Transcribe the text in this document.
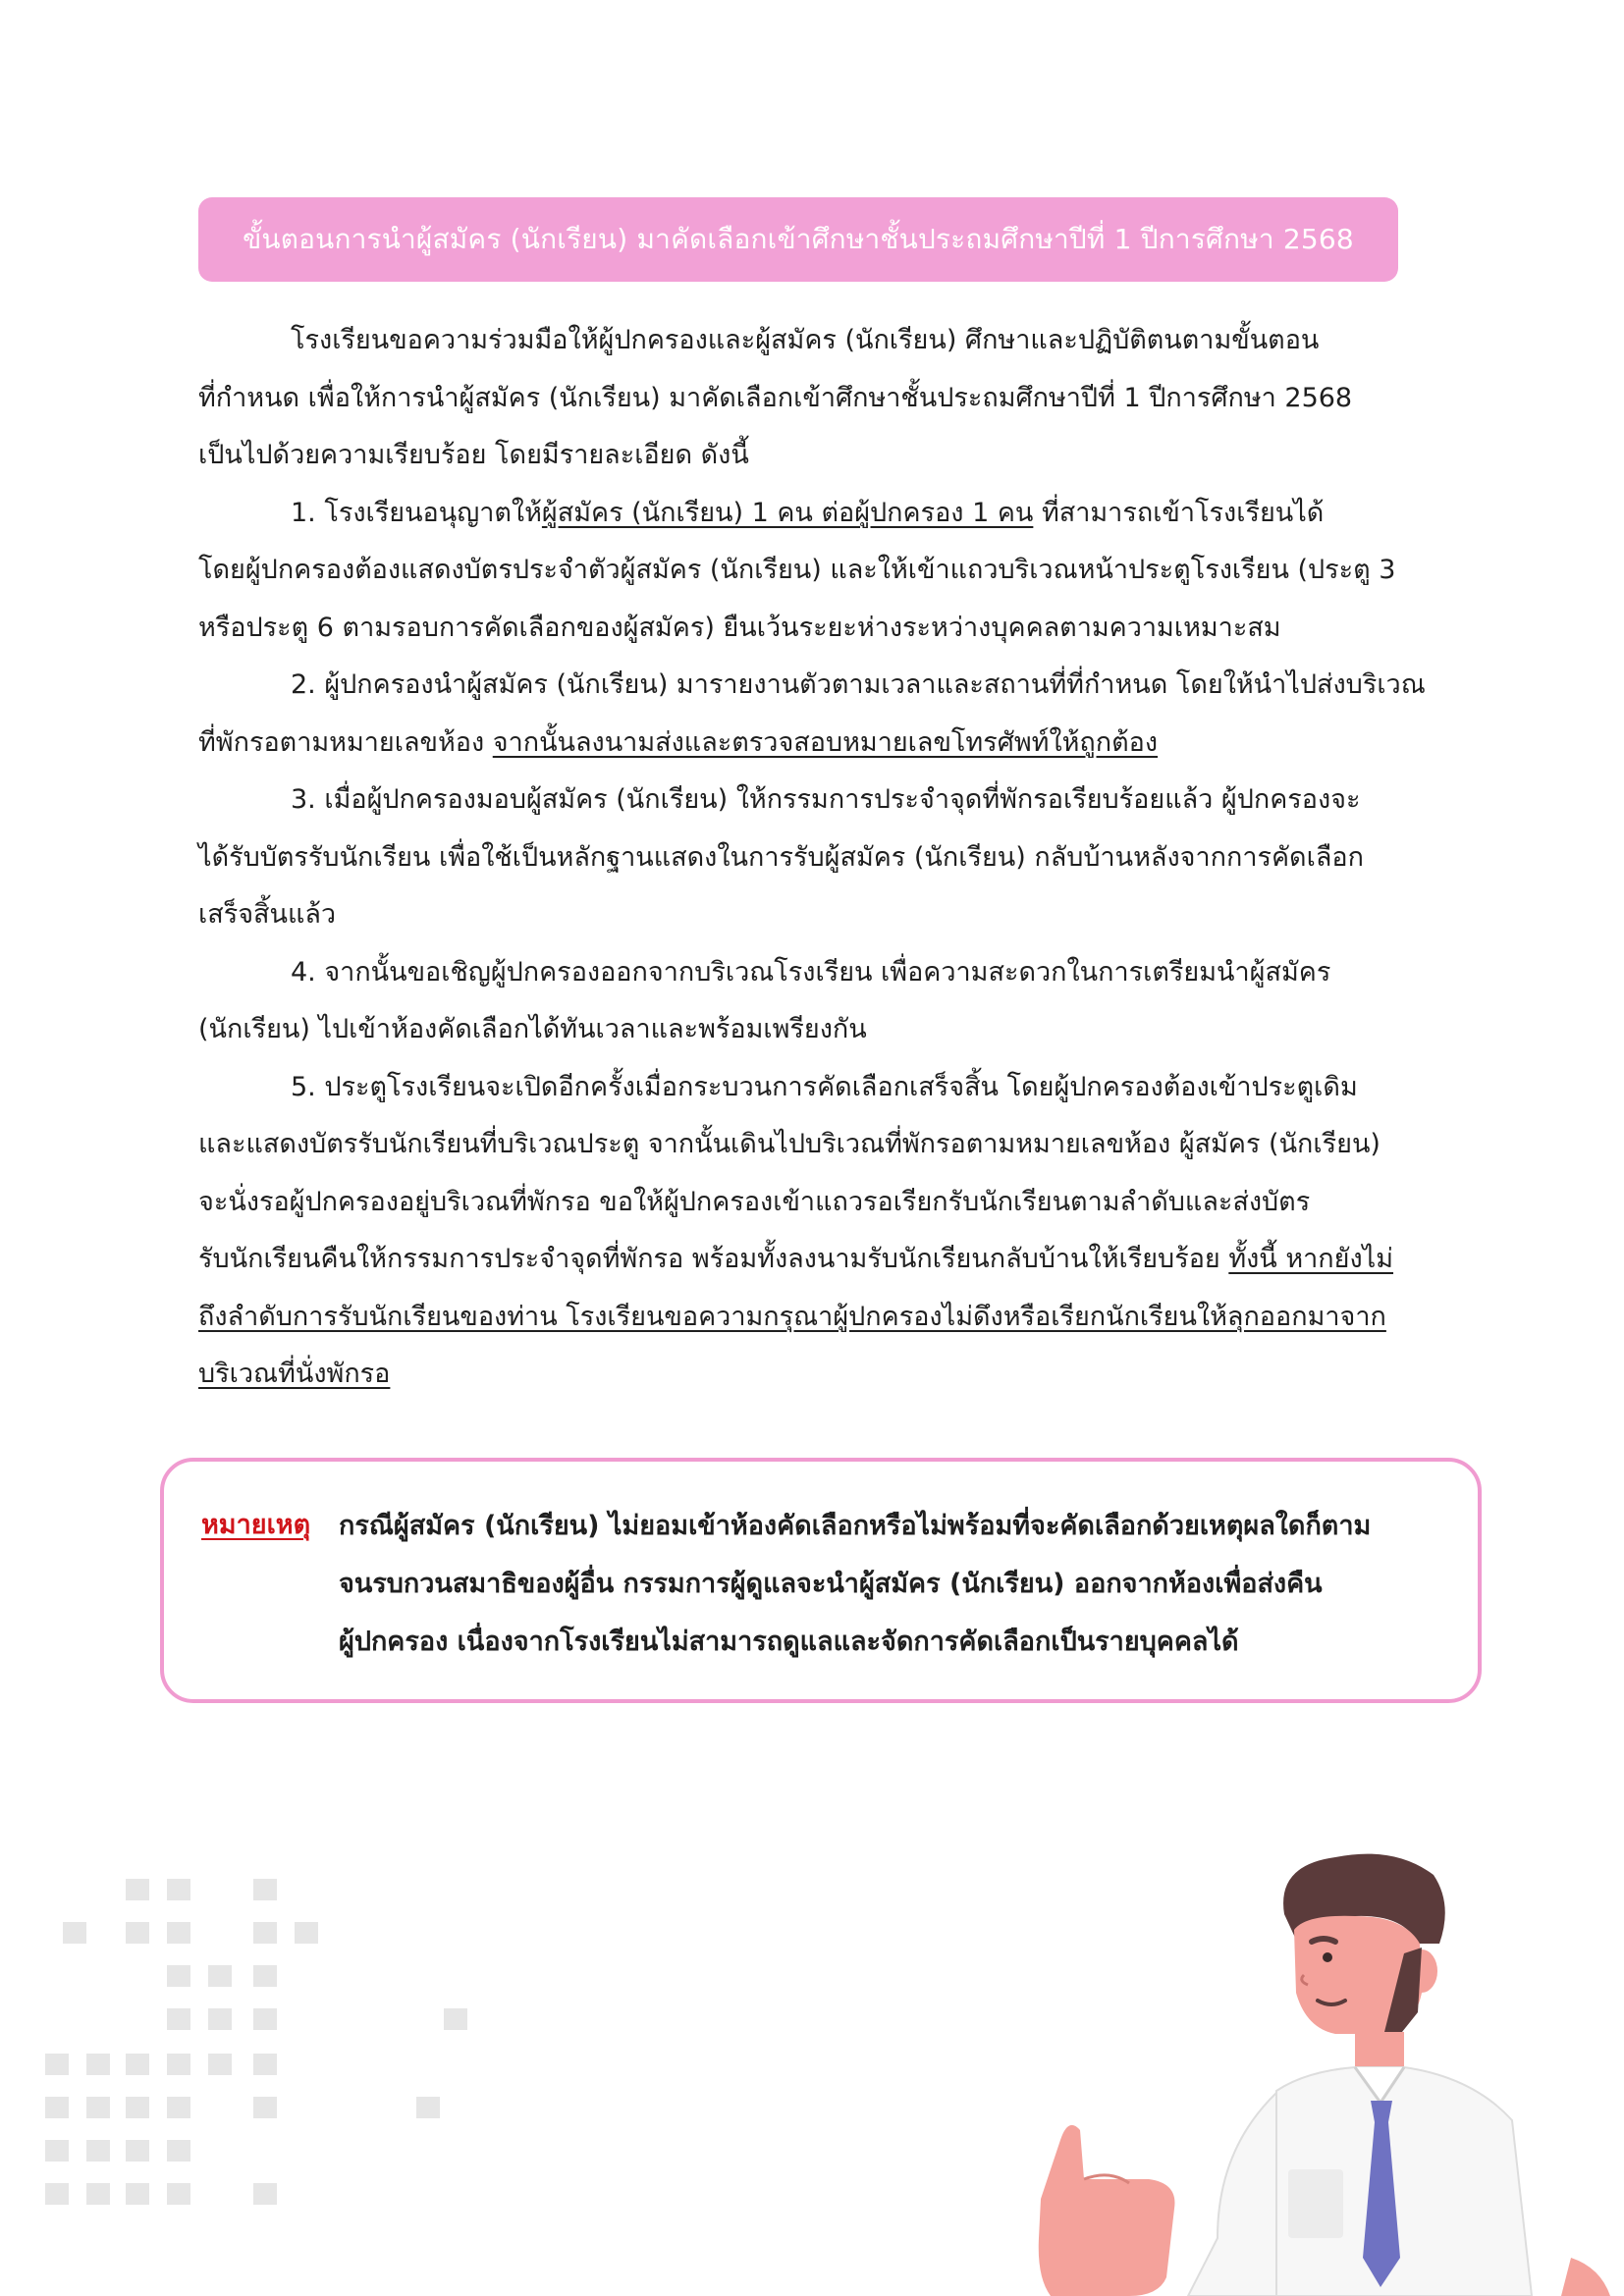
ขั้นตอนการนำผู้สมัคร (นักเรียน) มาคัดเลือกเข้าศึกษาชั้นประถมศึกษาปีที่ 1 ปีการศึกษา 2568

โรงเรียนขอความร่วมมือให้ผู้ปกครองและผู้สมัคร (นักเรียน) ศึกษาและปฏิบัติตนตามขั้นตอน

ที่กำหนด เพื่อให้การนำผู้สมัคร (นักเรียน) มาคัดเลือกเข้าศึกษาชั้นประถมศึกษาปีที่ 1 ปีการศึกษา 2568

เป็นไปด้วยความเรียบร้อย โดยมีรายละเอียด ดังนี้

1. โรงเรียนอนุญาตให้ผู้สมัคร (นักเรียน) 1 คน ต่อผู้ปกครอง 1 คน ที่สามารถเข้าโรงเรียนได้

โดยผู้ปกครองต้องแสดงบัตรประจำตัวผู้สมัคร (นักเรียน) และให้เข้าแถวบริเวณหน้าประตูโรงเรียน (ประตู 3

หรือประตู 6 ตามรอบการคัดเลือกของผู้สมัคร) ยืนเว้นระยะห่างระหว่างบุคคลตามความเหมาะสม

2. ผู้ปกครองนำผู้สมัคร (นักเรียน) มารายงานตัวตามเวลาและสถานที่ที่กำหนด โดยให้นำไปส่งบริเวณ

ที่พักรอตามหมายเลขห้อง จากนั้นลงนามส่งและตรวจสอบหมายเลขโทรศัพท์ให้ถูกต้อง

3. เมื่อผู้ปกครองมอบผู้สมัคร (นักเรียน) ให้กรรมการประจำจุดที่พักรอเรียบร้อยแล้ว ผู้ปกครองจะ

ได้รับบัตรรับนักเรียน เพื่อใช้เป็นหลักฐานแสดงในการรับผู้สมัคร (นักเรียน) กลับบ้านหลังจากการคัดเลือก

เสร็จสิ้นแล้ว

4. จากนั้นขอเชิญผู้ปกครองออกจากบริเวณโรงเรียน เพื่อความสะดวกในการเตรียมนำผู้สมัคร

(นักเรียน) ไปเข้าห้องคัดเลือกได้ทันเวลาและพร้อมเพรียงกัน

5. ประตูโรงเรียนจะเปิดอีกครั้งเมื่อกระบวนการคัดเลือกเสร็จสิ้น โดยผู้ปกครองต้องเข้าประตูเดิม

และแสดงบัตรรับนักเรียนที่บริเวณประตู จากนั้นเดินไปบริเวณที่พักรอตามหมายเลขห้อง ผู้สมัคร (นักเรียน)

จะนั่งรอผู้ปกครองอยู่บริเวณที่พักรอ ขอให้ผู้ปกครองเข้าแถวรอเรียกรับนักเรียนตามลำดับและส่งบัตร

รับนักเรียนคืนให้กรรมการประจำจุดที่พักรอ พร้อมทั้งลงนามรับนักเรียนกลับบ้านให้เรียบร้อย ทั้งนี้ หากยังไม่

ถึงลำดับการรับนักเรียนของท่าน โรงเรียนขอความกรุณาผู้ปกครองไม่ดึงหรือเรียกนักเรียนให้ลุกออกมาจาก

บริเวณที่นั่งพักรอ

หมายเหตุ กรณีผู้สมัคร (นักเรียน) ไม่ยอมเข้าห้องคัดเลือกหรือไม่พร้อมที่จะคัดเลือกด้วยเหตุผลใดก็ตาม

จนรบกวนสมาธิของผู้อื่น กรรมการผู้ดูแลจะนำผู้สมัคร (นักเรียน) ออกจากห้องเพื่อส่งคืน

ผู้ปกครอง เนื่องจากโรงเรียนไม่สามารถดูแลและจัดการคัดเลือกเป็นรายบุคคลได้
